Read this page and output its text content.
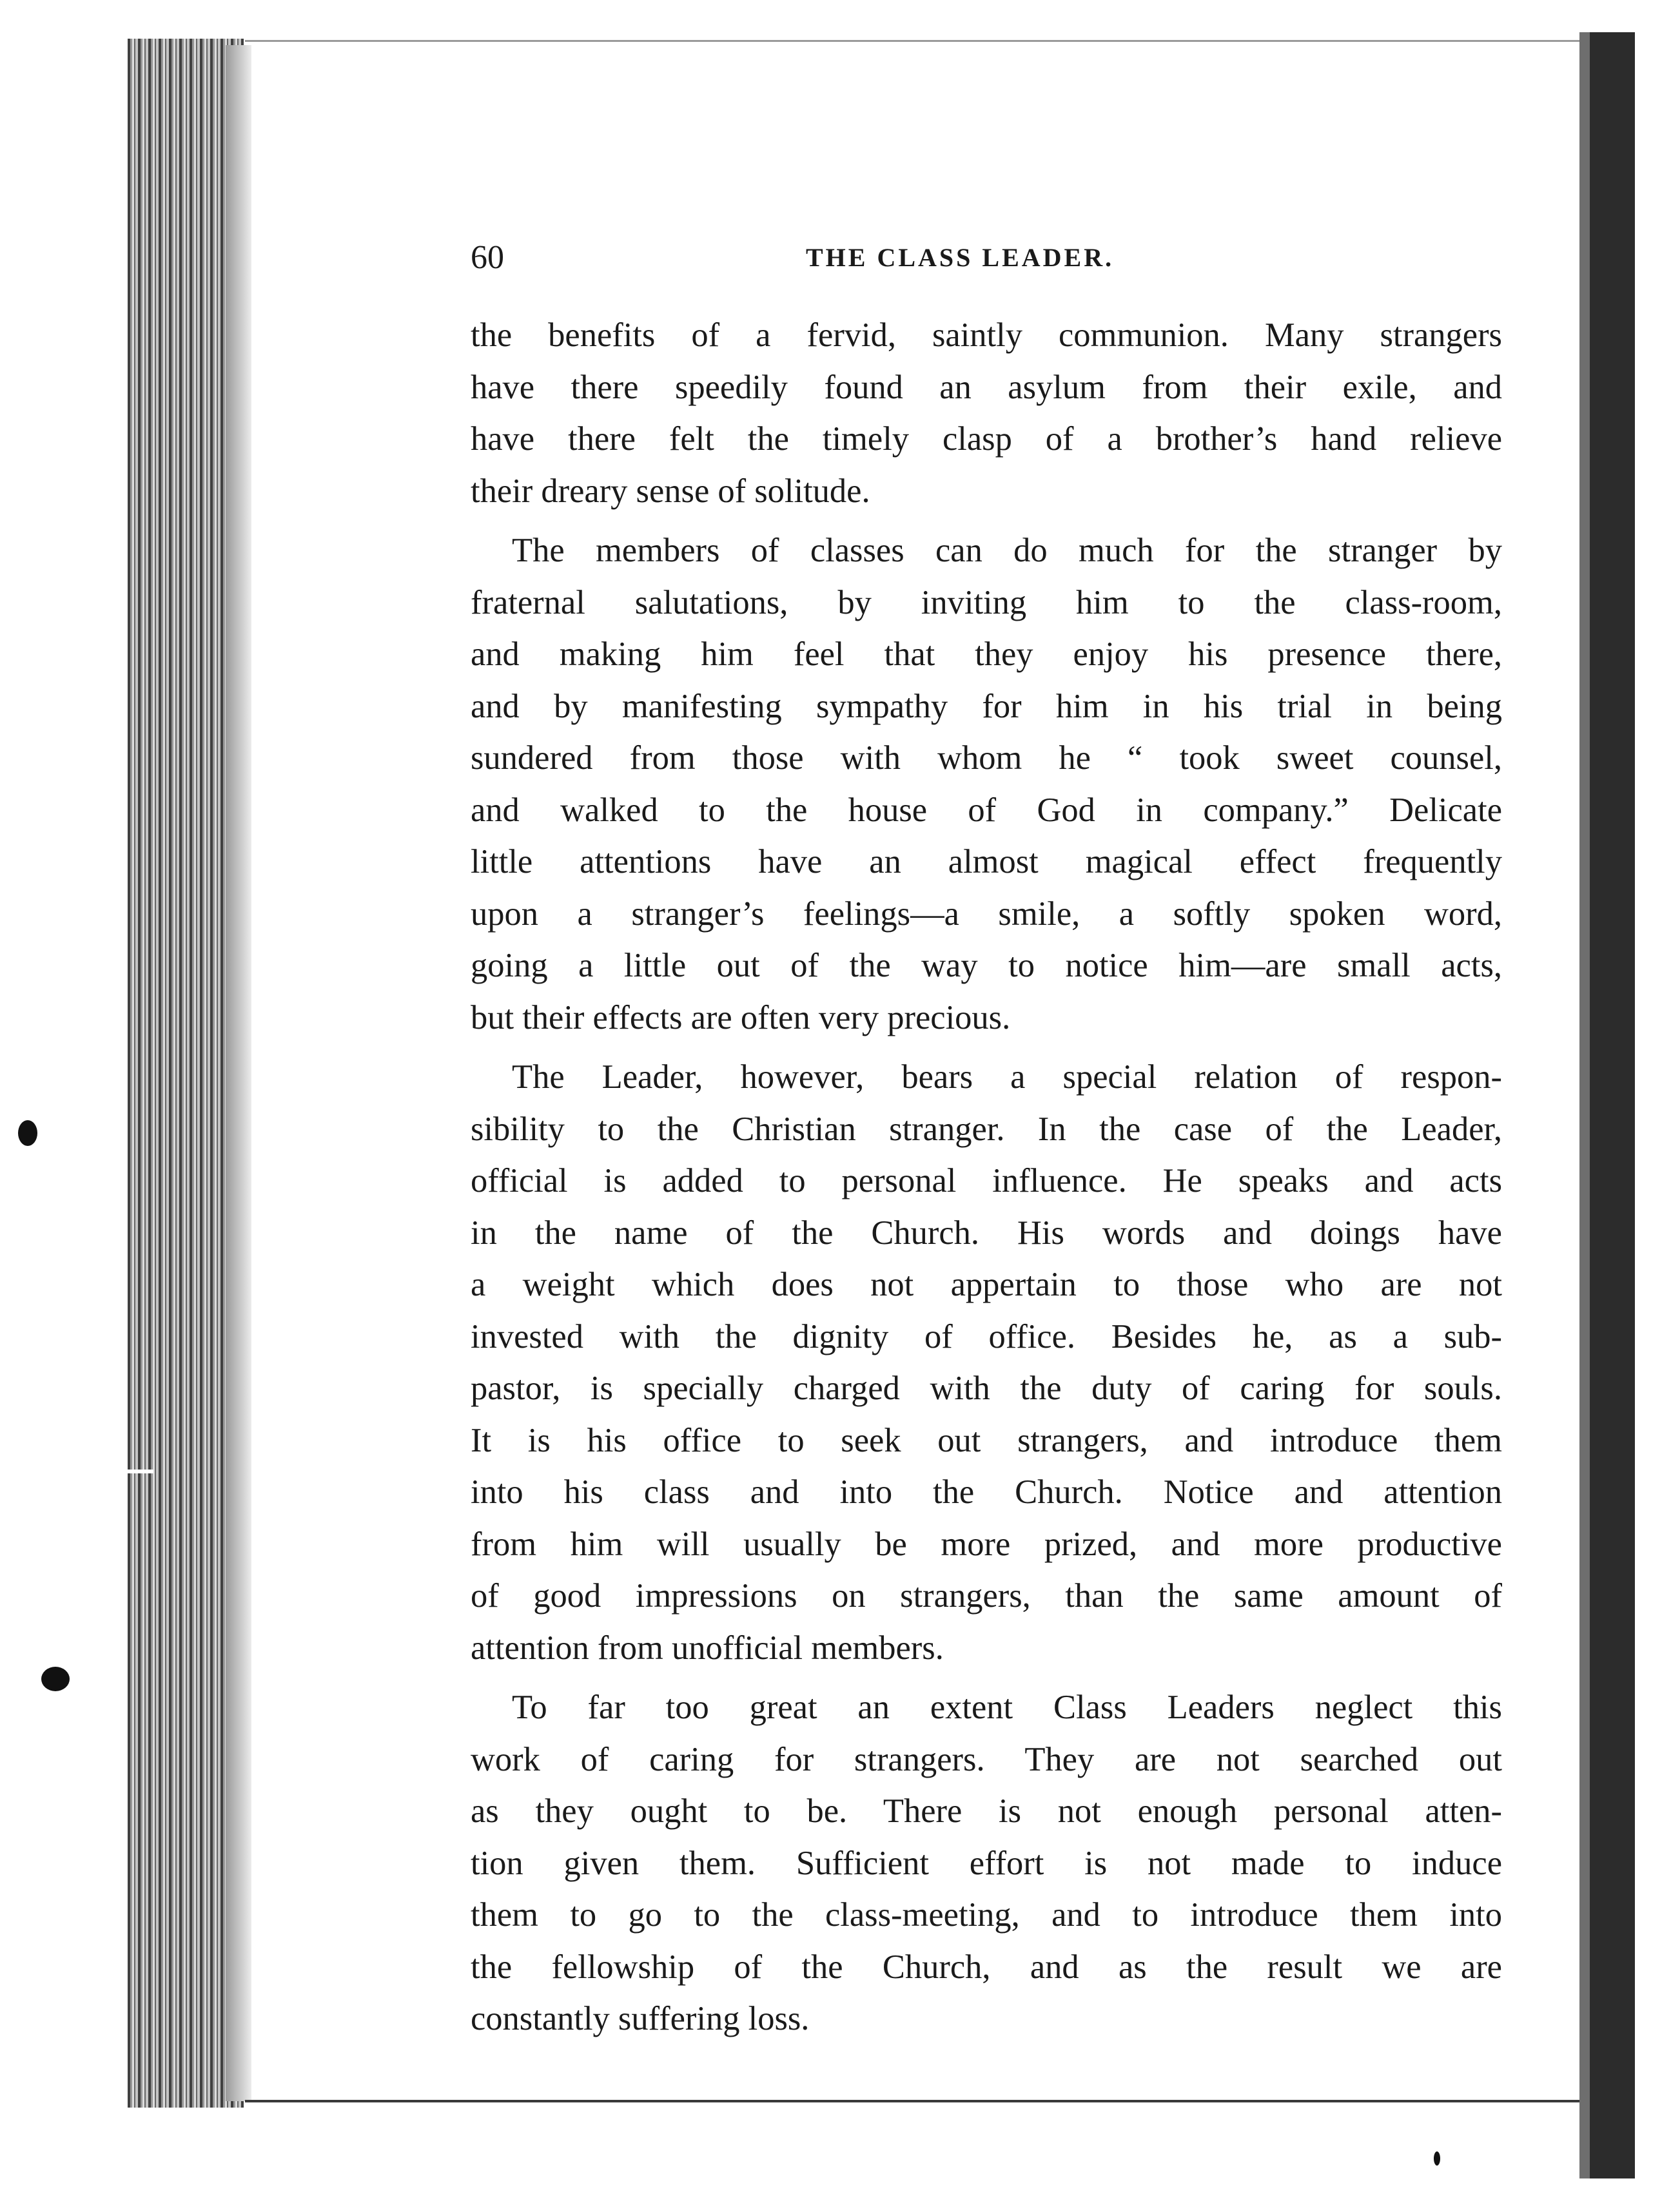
60	THE CLASS LEADER.

the benefits of a fervid, saintly communion. Many strangers

have there speedily found an asylum from their exile, and

have there felt the timely clasp of a brother’s hand relieve

their dreary sense of solitude.

The members of classes can do much for the stranger by

fraternal salutations, by inviting him to the class-room,

and making him feel that they enjoy his presence there,

and by manifesting sympathy for him in his trial in being

sundered from those with whom he “ took sweet counsel,

and walked to the house of God in company.” Delicate

little attentions have an almost magical effect frequently

upon a stranger’s feelings—a smile, a softly spoken word,

going a little out of the way to notice him—are small acts,

but their effects are often very precious.

The Leader, however, bears a special relation of respon-

sibility to the Christian stranger. In the case of the Leader,

official is added to personal influence. He speaks and acts

in the name of the Church. His words and doings have

a weight which does not appertain to those who are not

invested with the dignity of office. Besides he, as a sub-

pastor, is specially charged with the duty of caring for souls.

It is his office to seek out strangers, and introduce them

into his class and into the Church. Notice and attention

from him will usually be more prized, and more productive

of good impressions on strangers, than the same amount of

attention from unofficial members.

To far too great an extent Class Leaders neglect this

work of caring for strangers. They are not searched out

as they ought to be. There is not enough personal atten-

tion given them. Sufficient effort is not made to induce

them to go to the class-meeting, and to introduce them into

the fellowship of the Church, and as the result we are

constantly suffering loss.
